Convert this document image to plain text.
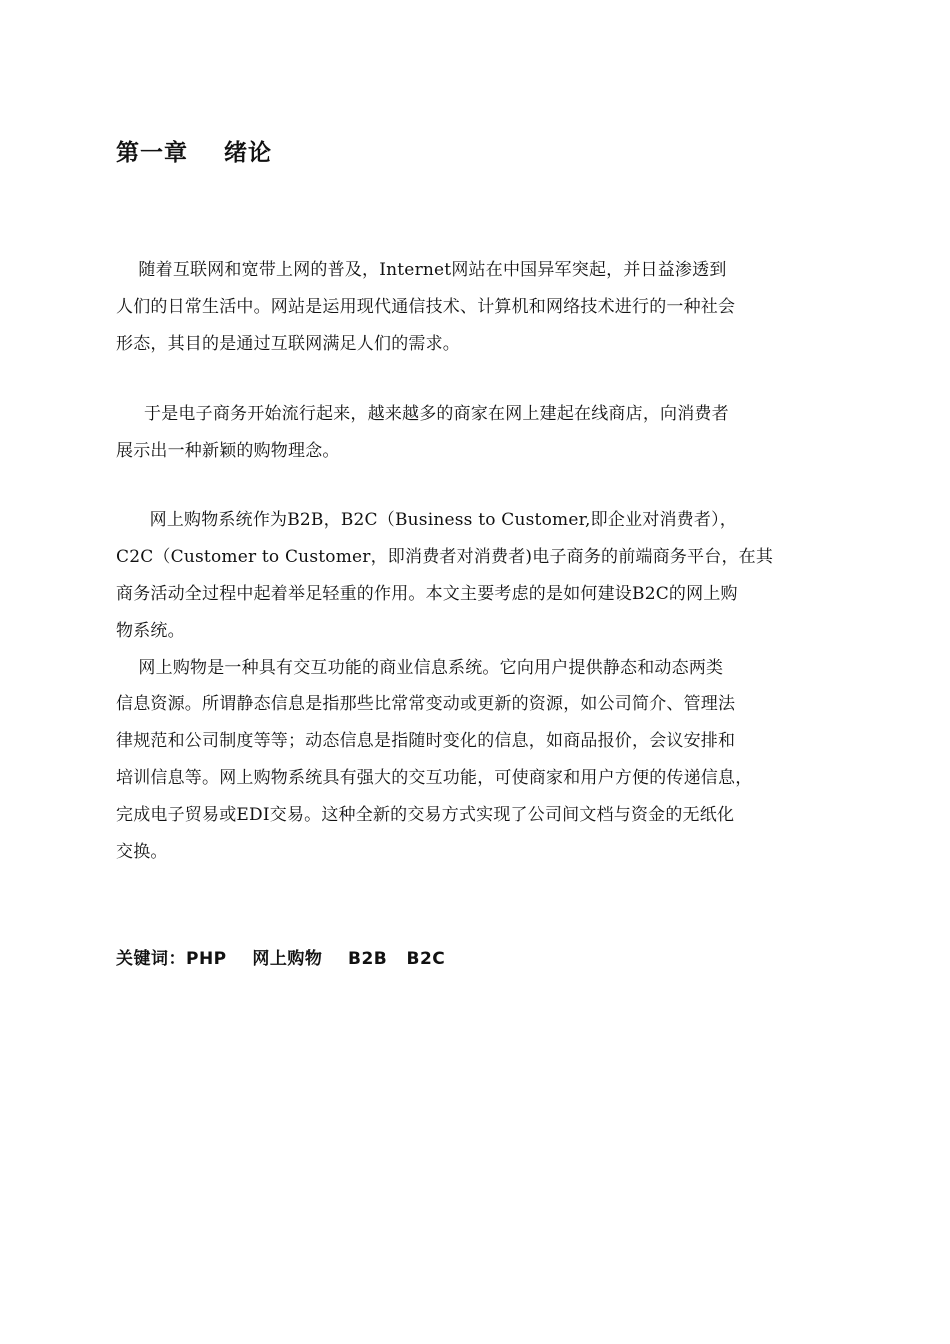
第一章    绪论
随着互联网和宽带上网的普及，Internet网站在中国异军突起，并日益渗透到
人们的日常生活中。网站是运用现代通信技术、计算机和网络技术进行的一种社会
形态，其目的是通过互联网满足人们的需求。
于是电子商务开始流行起来，越来越多的商家在网上建起在线商店，向消费者
展示出一种新颖的购物理念。
网上购物系统作为B2B，B2C（Business to Customer,即企业对消费者），
C2C（Customer to Customer，即消费者对消费者)电子商务的前端商务平台，在其
商务活动全过程中起着举足轻重的作用。本文主要考虑的是如何建设B2C的网上购
物系统。
网上购物是一种具有交互功能的商业信息系统。它向用户提供静态和动态两类
信息资源。所谓静态信息是指那些比常常变动或更新的资源，如公司简介、管理法
律规范和公司制度等等；动态信息是指随时变化的信息，如商品报价，会议安排和
培训信息等。网上购物系统具有强大的交互功能，可使商家和用户方便的传递信息，
完成电子贸易或EDI交易。这种全新的交易方式实现了公司间文档与资金的无纸化
交换。
关键词：PHP    网上购物    B2B   B2C
